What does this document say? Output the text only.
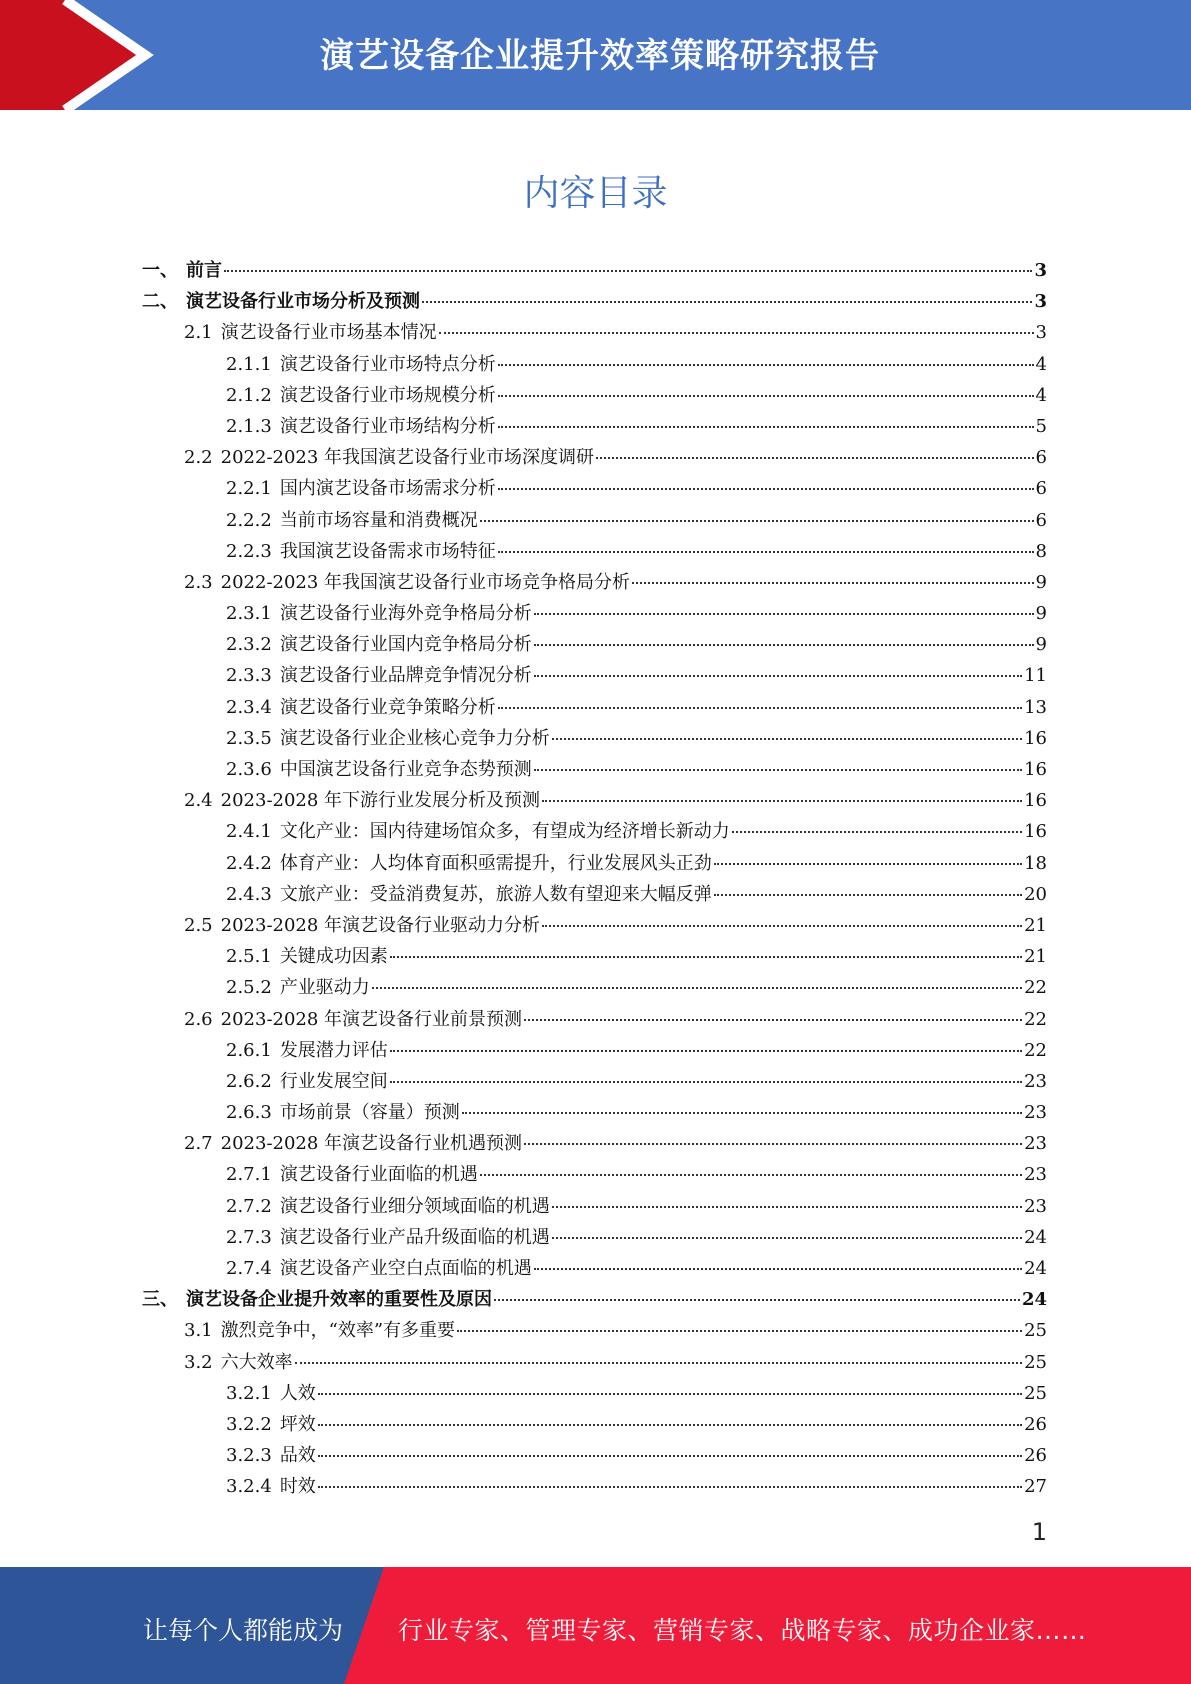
演艺设备企业提升效率策略研究报告
内容目录
一、 前言	3
二、 演艺设备行业市场分析及预测	3
2.1 演艺设备行业市场基本情况	3
2.1.1 演艺设备行业市场特点分析	4
2.1.2 演艺设备行业市场规模分析	4
2.1.3 演艺设备行业市场结构分析	5
2.2 2022-2023 年我国演艺设备行业市场深度调研	6
2.2.1 国内演艺设备市场需求分析	6
2.2.2 当前市场容量和消费概况	6
2.2.3 我国演艺设备需求市场特征	8
2.3 2022-2023 年我国演艺设备行业市场竞争格局分析	9
2.3.1 演艺设备行业海外竞争格局分析	9
2.3.2 演艺设备行业国内竞争格局分析	9
2.3.3 演艺设备行业品牌竞争情况分析	11
2.3.4 演艺设备行业竞争策略分析	13
2.3.5 演艺设备行业企业核心竞争力分析	16
2.3.6 中国演艺设备行业竞争态势预测	16
2.4 2023-2028 年下游行业发展分析及预测	16
2.4.1 文化产业：国内待建场馆众多，有望成为经济增长新动力	16
2.4.2 体育产业：人均体育面积亟需提升，行业发展风头正劲	18
2.4.3 文旅产业：受益消费复苏，旅游人数有望迎来大幅反弹	20
2.5 2023-2028 年演艺设备行业驱动力分析	21
2.5.1 关键成功因素	21
2.5.2 产业驱动力	22
2.6 2023-2028 年演艺设备行业前景预测	22
2.6.1 发展潜力评估	22
2.6.2 行业发展空间	23
2.6.3 市场前景（容量）预测	23
2.7 2023-2028 年演艺设备行业机遇预测	23
2.7.1 演艺设备行业面临的机遇	23
2.7.2 演艺设备行业细分领域面临的机遇	23
2.7.3 演艺设备行业产品升级面临的机遇	24
2.7.4 演艺设备产业空白点面临的机遇	24
三、 演艺设备企业提升效率的重要性及原因	24
3.1 激烈竞争中，“效率”有多重要	25
3.2 六大效率	25
3.2.1 人效	25
3.2.2 坪效	26
3.2.3 品效	26
3.2.4 时效	27
1
让每个人都能成为 行业专家、管理专家、营销专家、战略专家、成功企业家……
